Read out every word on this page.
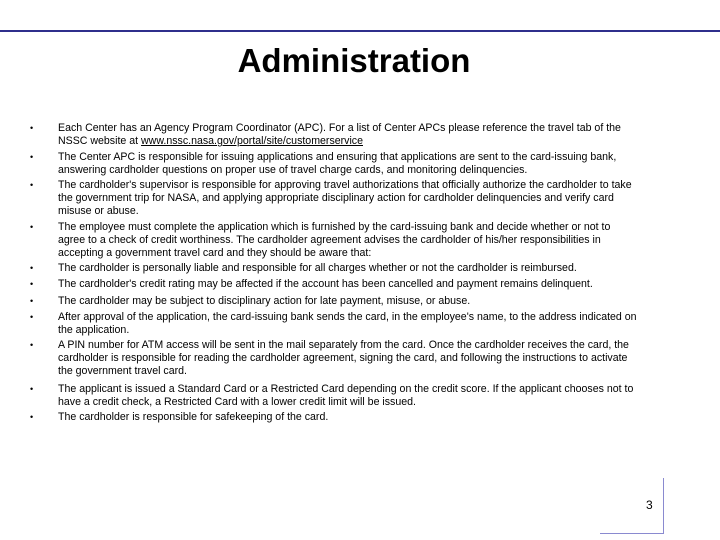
Administration
• Each Center has an Agency Program Coordinator (APC). For a list of Center APCs please reference the travel tab of the NSSC website at www.nssc.nasa.gov/portal/site/customerservice
• The Center APC is responsible for issuing applications and ensuring that applications are sent to the card-issuing bank, answering cardholder questions on proper use of travel charge cards, and monitoring delinquencies.
• The cardholder's supervisor is responsible for approving travel authorizations that officially authorize the cardholder to take the government trip for NASA, and applying appropriate disciplinary action for cardholder delinquencies and verify card misuse or abuse.
• The employee must complete the application which is furnished by the card-issuing bank and decide whether or not to agree to a check of credit worthiness. The cardholder agreement advises the cardholder of his/her responsibilities in accepting a government travel card and they should be aware that:
• The cardholder is personally liable and responsible for all charges whether or not the cardholder is reimbursed.
• The cardholder's credit rating may be affected if the account has been cancelled and payment remains delinquent.
• The cardholder may be subject to disciplinary action for late payment, misuse, or abuse.
• After approval of the application, the card-issuing bank sends the card, in the employee's name, to the address indicated on the application.
• A PIN number for ATM access will be sent in the mail separately from the card. Once the cardholder receives the card, the cardholder is responsible for reading the cardholder agreement, signing the card, and following the instructions to activate the government travel card.
• The applicant is issued a Standard Card or a Restricted Card depending on the credit score. If the applicant chooses not to have a credit check, a Restricted Card with a lower credit limit will be issued.
• The cardholder is responsible for safekeeping of the card.
3
